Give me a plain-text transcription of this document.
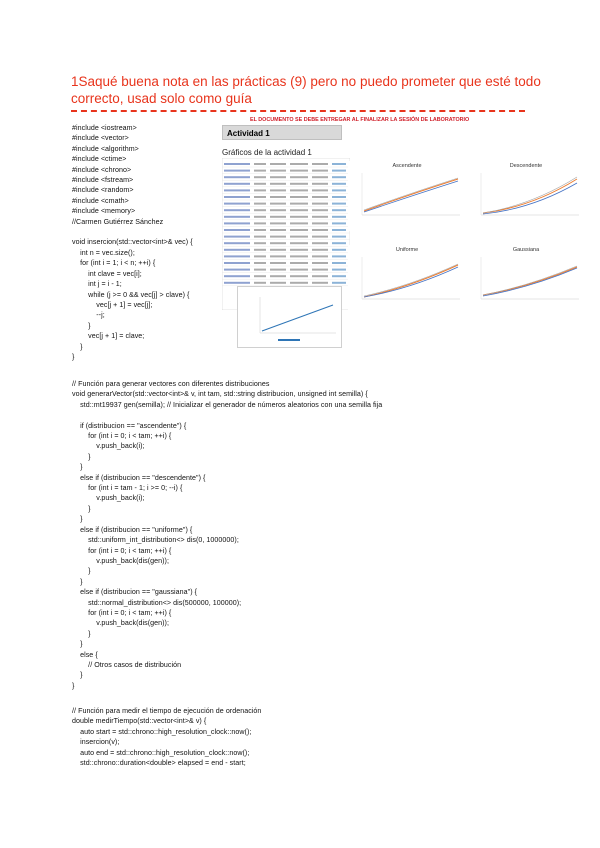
1Saqué buena nota en las prácticas (9) pero no puedo prometer que esté todo correcto, usad solo como guía
EL DOCUMENTO SE DEBE ENTREGAR AL FINALIZAR LA SESIÓN DE LABORATORIO
#include <iostream>
#include <vector>
#include <algorithm>
#include <ctime>
#include <chrono>
#include <fstream>
#include <random>
#include <cmath>
#include <memory>
//Carmen Gutiérrez Sánchez

void insercion(std::vector<int>& vec) {
int n = vec.size();
for (int i = 1; i < n; ++i) {
int clave = vec[i];
int j = i - 1;
while (j >= 0 && vec[j] > clave) {
vec[j + 1] = vec[j];
--j;
}
vec[j + 1] = clave;
}
}
// Función para generar vectores con diferentes distribuciones
void generarVector(std::vector<int>& v, int tam, std::string distribucion, unsigned int semilla) {
std::mt19937 gen(semilla); // Inicializar el generador de números aleatorios con una semilla fija

if (distribucion == "ascendente") {
for (int i = 0; i < tam; ++i) {
v.push_back(i);
}
}
else if (distribucion == "descendente") {
for (int i = tam - 1; i >= 0; --i) {
v.push_back(i);
}
}
else if (distribucion == "uniforme") {
std::uniform_int_distribution<> dis(0, 1000000);
for (int i = 0; i < tam; ++i) {
v.push_back(dis(gen));
}
}
else if (distribucion == "gaussiana") {
std::normal_distribution<> dis(500000, 100000);
for (int i = 0; i < tam; ++i) {
v.push_back(dis(gen));
}
}
else {
// Otros casos de distribución
}
}
// Función para medir el tiempo de ejecución de ordenación
double medirTiempo(std::vector<int>& v) {
auto start = std::chrono::high_resolution_clock::now();
insercion(v);
auto end = std::chrono::high_resolution_clock::now();
std::chrono::duration<double> elapsed = end - start;
Actividad 1
Gráficos de la actividad 1
Ascendente	Descendente
Uniforme	Gaussiana
